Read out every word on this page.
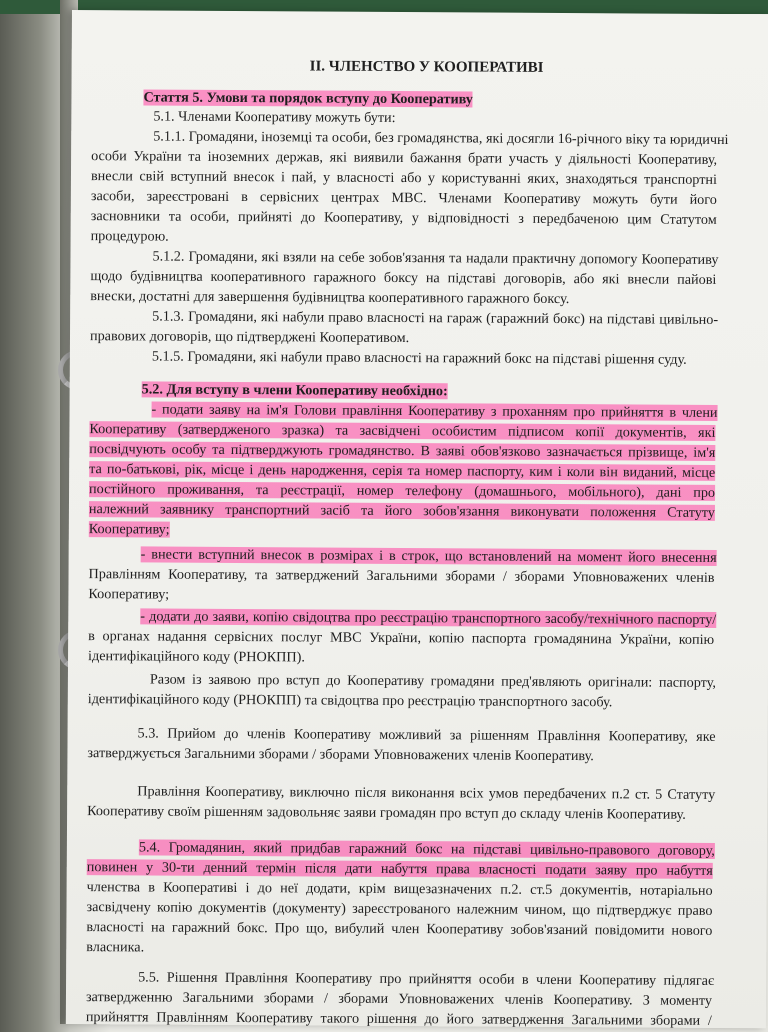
II. ЧЛЕНСТВО У КООПЕРАТИВІ
Стаття 5. Умови та порядок вступу до Кооперативу
5.1. Членами Кооперативу можуть бути:
5.1.1. Громадяни, іноземці та особи, без громадянства, які досягли 16-річного віку та юридичні
особи України та іноземних держав, які виявили бажання брати участь у діяльності Кооперативу,
внесли свій вступний внесок і пай, у власності або у користуванні яких, знаходяться транспортні
засоби, зареєстровані в сервісних центрах МВС. Членами Кооперативу можуть бути його
засновники та особи, прийняті до Кооперативу, у відповідності з передбаченою цим Статутом
процедурою.
5.1.2. Громадяни, які взяли на себе зобов'язання та надали практичну допомогу Кооперативу
щодо будівництва кооперативного гаражного боксу на підставі договорів, або які внесли пайові
внески, достатні для завершення будівництва кооперативного гаражного боксу.
5.1.3. Громадяни, які набули право власності на гараж (гаражний бокс) на підставі цивільно-
правових договорів, що підтверджені Кооперативом.
5.1.5. Громадяни, які набули право власності на гаражний бокс на підставі рішення суду.
5.2. Для вступу в члени Кооперативу необхідно:
- подати заяву на ім'я Голови правління Кооперативу з проханням про прийняття в члени
Кооперативу (затвердженого зразка) та засвідчені особистим підписом копії документів, які
посвідчують особу та підтверджують громадянство. В заяві обов'язково зазначається прізвище, ім'я
та по-батькові, рік, місце і день народження, серія та номер паспорту, ким і коли він виданий, місце
постійного проживання, та реєстрації, номер телефону (домашнього, мобільного), дані про
належний заявнику транспортний засіб та його зобов'язання виконувати положення Статуту
Кооперативу;
- внести вступний внесок в розмірах і в строк, що встановлений на момент його внесення
Правлінням Кооперативу, та затверджений Загальними зборами / зборами Уповноважених членів
Кооперативу;
- додати до заяви, копію свідоцтва про реєстрацію транспортного засобу/технічного паспорту/
в органах надання сервісних послуг МВС України, копію паспорта громадянина України, копію
ідентифікаційного коду (РНОКПП).
Разом із заявою про вступ до Кооперативу громадяни пред'являють оригінали: паспорту,
ідентифікаційного коду (РНОКПП) та свідоцтва про реєстрацію транспортного засобу.
5.3. Прийом до членів Кооперативу можливий за рішенням Правління Кооперативу, яке
затверджується Загальними зборами / зборами Уповноважених членів Кооперативу.
Правління Кооперативу, виключно після виконання всіх умов передбачених п.2 ст. 5 Статуту
Кооперативу своїм рішенням задовольняє заяви громадян про вступ до складу членів Кооперативу.
5.4. Громадянин, який придбав гаражний бокс на підставі цивільно-правового договору,
повинен у 30-ти денний термін після дати набуття права власності подати заяву про набуття
членства в Кооперативі і до неї додати, крім вищезазначених п.2. ст.5 документів, нотаріально
засвідчену копію документів (документу) зареєстрованого належним чином, що підтверджує право
власності на гаражний бокс. Про що, вибулий член Кооперативу зобов'язаний повідомити нового
власника.
5.5. Рішення Правління Кооперативу про прийняття особи в члени Кооперативу підлягає
затвердженню Загальними зборами / зборами Уповноважених членів Кооперативу. З моменту
прийняття Правлінням Кооперативу такого рішення до його затвердження Загальними зборами /
